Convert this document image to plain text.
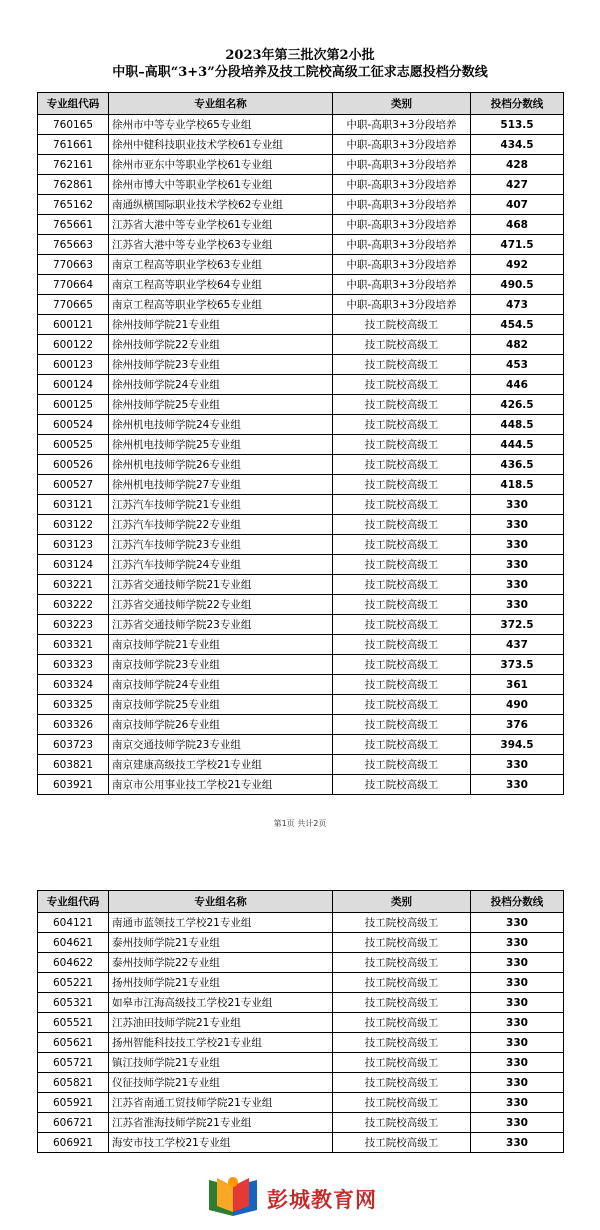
2023年第三批次第2小批
中职–高职“3+3”分段培养及技工院校高级工征求志愿投档分数线
专业组代码	专业组名称	类别	投档分数线
760165	徐州市中等专业学校65专业组	中职-高职3+3分段培养	513.5
761661	徐州中健科技职业技术学校61专业组	中职-高职3+3分段培养	434.5
762161	徐州市亚东中等职业学校61专业组	中职-高职3+3分段培养	428
762861	徐州市博大中等职业学校61专业组	中职-高职3+3分段培养	427
765162	南通纵横国际职业技术学校62专业组	中职-高职3+3分段培养	407
765661	江苏省大港中等专业学校61专业组	中职-高职3+3分段培养	468
765663	江苏省大港中等专业学校63专业组	中职-高职3+3分段培养	471.5
770663	南京工程高等职业学校63专业组	中职-高职3+3分段培养	492
770664	南京工程高等职业学校64专业组	中职-高职3+3分段培养	490.5
770665	南京工程高等职业学校65专业组	中职-高职3+3分段培养	473
600121	徐州技师学院21专业组	技工院校高级工	454.5
600122	徐州技师学院22专业组	技工院校高级工	482
600123	徐州技师学院23专业组	技工院校高级工	453
600124	徐州技师学院24专业组	技工院校高级工	446
600125	徐州技师学院25专业组	技工院校高级工	426.5
600524	徐州机电技师学院24专业组	技工院校高级工	448.5
600525	徐州机电技师学院25专业组	技工院校高级工	444.5
600526	徐州机电技师学院26专业组	技工院校高级工	436.5
600527	徐州机电技师学院27专业组	技工院校高级工	418.5
603121	江苏汽车技师学院21专业组	技工院校高级工	330
603122	江苏汽车技师学院22专业组	技工院校高级工	330
603123	江苏汽车技师学院23专业组	技工院校高级工	330
603124	江苏汽车技师学院24专业组	技工院校高级工	330
603221	江苏省交通技师学院21专业组	技工院校高级工	330
603222	江苏省交通技师学院22专业组	技工院校高级工	330
603223	江苏省交通技师学院23专业组	技工院校高级工	372.5
603321	南京技师学院21专业组	技工院校高级工	437
603323	南京技师学院23专业组	技工院校高级工	373.5
603324	南京技师学院24专业组	技工院校高级工	361
603325	南京技师学院25专业组	技工院校高级工	490
603326	南京技师学院26专业组	技工院校高级工	376
603723	南京交通技师学院23专业组	技工院校高级工	394.5
603821	南京建康高级技工学校21专业组	技工院校高级工	330
603921	南京市公用事业技工学校21专业组	技工院校高级工	330
第1页 共计2页
专业组代码	专业组名称	类别	投档分数线
604121	南通市蓝领技工学校21专业组	技工院校高级工	330
604621	泰州技师学院21专业组	技工院校高级工	330
604622	泰州技师学院22专业组	技工院校高级工	330
605221	扬州技师学院21专业组	技工院校高级工	330
605321	如皋市江海高级技工学校21专业组	技工院校高级工	330
605521	江苏油田技师学院21专业组	技工院校高级工	330
605621	扬州智能科技技工学校21专业组	技工院校高级工	330
605721	镇江技师学院21专业组	技工院校高级工	330
605821	仪征技师学院21专业组	技工院校高级工	330
605921	江苏省南通工贸技师学院21专业组	技工院校高级工	330
606721	江苏省淮海技师学院21专业组	技工院校高级工	330
606921	海安市技工学校21专业组	技工院校高级工	330
彭城教育网
